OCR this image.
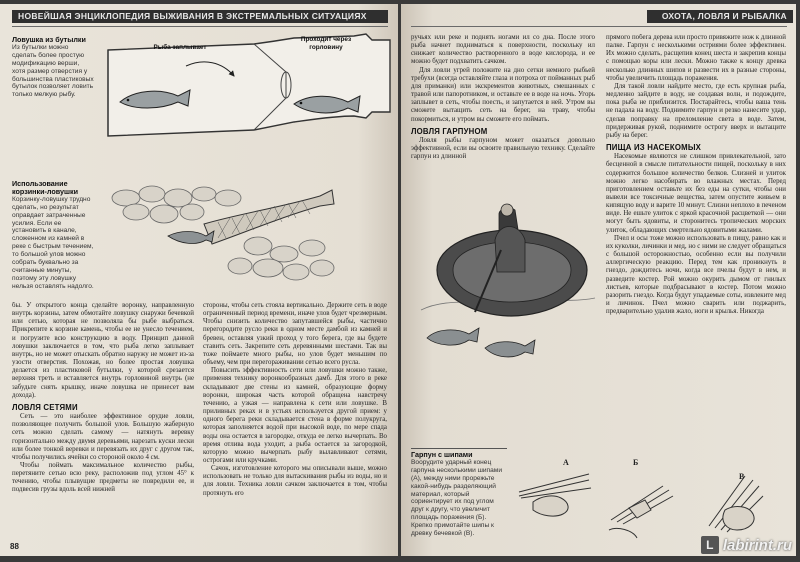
НОВЕЙШАЯ ЭНЦИКЛОПЕДИЯ ВЫЖИВАНИЯ В ЭКСТРЕМАЛЬНЫХ СИТУАЦИЯХ
Ловушка из бутылки
Из бутылки можно сделать более простую модификацию верши, хотя размер отверстия у большинства пластиковых бутылок позволяет ловить только мелкую рыбу.
Рыба заплывает
Проходит через горловину
Использование корзинки-ловушки
Корзинку-ловушку трудно сделать, но результат оправдает затраченные усилия. Если ее установить в канале, сложенном из камней в реке с быстрым течением, то большой улов можно собрать буквально за считанные минуты, поэтому эту ловушку нельзя оставлять надолго.

бы. У открытого конца сделайте воронку, направленную внутрь корзины, затем обмотайте ловушку снаружи бечевкой или сетью, которая не позволяла бы рыбе выбраться. Прикрепите к корзине камень, чтобы ее не унесло течением, и погрузите всю конструкцию в воду. Принцип данной ловушки заключается в том, что рыба легко заплывает внутрь, но не может отыскать обратно наружу не может из-за узости отверстия. Похожая, но более простая ловушка делается из пластиковой бутылки, у которой срезается верхняя треть и вставляется внутрь горловиной внутрь (не забудьте снять крышку, иначе ловушка не принесет вам дохода).

ЛОВЛЯ СЕТЯМИ

Сеть — это наиболее эффективное орудие ловли, позволяющее получить большой улов. Большую жаберную сеть можно сделать самому — натянуть веревку горизонтально между двумя деревьями, нарезать куски лески или более тонкой веревки и перевязать их друг с другом так, чтобы получились ячейки со стороной около 4 см.

Чтобы поймать максимальное количество рыбы, перетяните сетью всю реку, расположив под углом 45° к течению, чтобы плывущие предметы не повредили ее, и подвесив грузы вдоль всей нижней

стороны, чтобы сеть стояла вертикально. Держите сеть в воде ограниченный период времени, иначе улов будет чрезмерным. Чтобы снизить количество запутавшейся рыбы, частично перегородите русло реки в одном месте дамбой из камней и бревен, оставляя узкий проход у того берега, где вы будете ставить сеть. Закрепите сеть деревянными шестами. Так вы тоже поймаете много рыбы, но улов будет меньшим по объему, чем при перегораживании сетью всего русла.

Повысить эффективность сети или ловушки можно также, применяя технику воронкообразных дамб. Для этого в реке складывают две стены из камней, образующие форму воронки, широкая часть которой обращена навстречу течению, а узкая — направлена к сети или ловушке. В приливных реках и в устьях используется другой прием: у одного берега реки складывается стена в форме полукруга, которая заполняется водой при высокой воде, по мере спада воды она остается в загородке, откуда ее легко вычерпать. Во время отлива вода уходит, а рыба остается за загородкой, которую можно вычерпать рыбу вылавливают сетями, острогами или кручками.

Сачок, изготовление которого мы описывали выше, можно использовать не только для вытаскивания рыбы из воды, но и для ловли. Техника ловли сачком заключается в том, чтобы протянуть его

88
ОХОТА, ЛОВЛЯ И РЫБАЛКА

ручьях или реке и поднять ногами ил со дна. После этого рыба начнет подниматься к поверхности, поскольку ил снижает количество растворенного в воде кислорода, и ее можно будет подхватить сачком.

Для ловли угрей положите на дно сетки немного рыбьей требухи (всегда оставляйте глаза и потроха от пойманных рыб для приманки) или экскрементов животных, смешанных с травой или папоротником, и оставьте ее в воде на ночь. Угорь заплывет в сеть, чтобы поесть, и запутается в ней. Утром вы сможете вытащить сеть на берег, на траву, чтобы покормиться, и утром вы сможете его поймать.

ЛОВЛЯ ГАРПУНОМ

Ловля рыбы гарпуном может оказаться довольно эффективной, если вы освоите правильную технику. Сделайте гарпун из длинной

прямого побега дерева или просто привяжите нож к длинной палке. Гарпун с несколькими остриями более эффективен. Их можно сделать, расщепив конец шеста и закрепив концы с помощью коры или лески. Можно также к концу древка несколько длинных шипов и развести их в разные стороны, чтобы увеличить площадь поражения.

Для такой ловли найдите место, где есть крупная рыба, медленно зайдите в воду, не создавая волн, и подождите, пока рыба не приблизится. Постарайтесь, чтобы ваша тень не падала на воду. Поднимите гарпун и резко нанесите удар, сделав поправку на преломление света в воде. Затем, придерживая рукой, поднимите острогу вверх и вытащите рыбу на берег.

ПИЩА ИЗ НАСЕКОМЫХ

Насекомые являются не слишком привлекательной, зато бесценной в смысле питательности пищей, поскольку в них содержится большое количество белков. Слизней и улиток можно легко насобирать во влажных местах. Перед приготовлением оставьте их без еды на сутки, чтобы они вывели все токсичные вещества, затем опустите живьем в кипящую воду и варите 10 минут. Слизни неплохо в печеном виде. Не ешьте улиток с яркой красочной расцветкой — они могут быть ядовиты, и сторонитесь тропических морских улиток, обладающих смертельно ядовитыми жалами.

Пчел и осы тоже можно использовать в пищу, равно как и их куколки, личинки и мед, но с ними не следует обращаться с большой осторожностью, особенно если вы получили аллергическую реакцию. Перед тем как проникнуть в гнездо, дождитесь ночи, когда все пчелы будут в нем, и разведите костер. Рой можно окурить дымом от гнилых листьев, которые подбрасывают в костер. Потом можно разорить гнездо. Когда будут упадаемые соты, извлеките мед и личинок. Пчел можно сварить или поджарить, предварительно удалив жало, ноги и крылья. Никогда

Гарпун с шипами
Воорудите ударный конец гарпуна несколькими шипами (А), между ними прорежьте какой-нибудь разделяющий материал, который сориентирует их под углом друг к другу, что увеличит площадь поражения (Б). Крепко примотайте шипы к древку бечевкой (В).
А	Б
В
L labirint.ru
